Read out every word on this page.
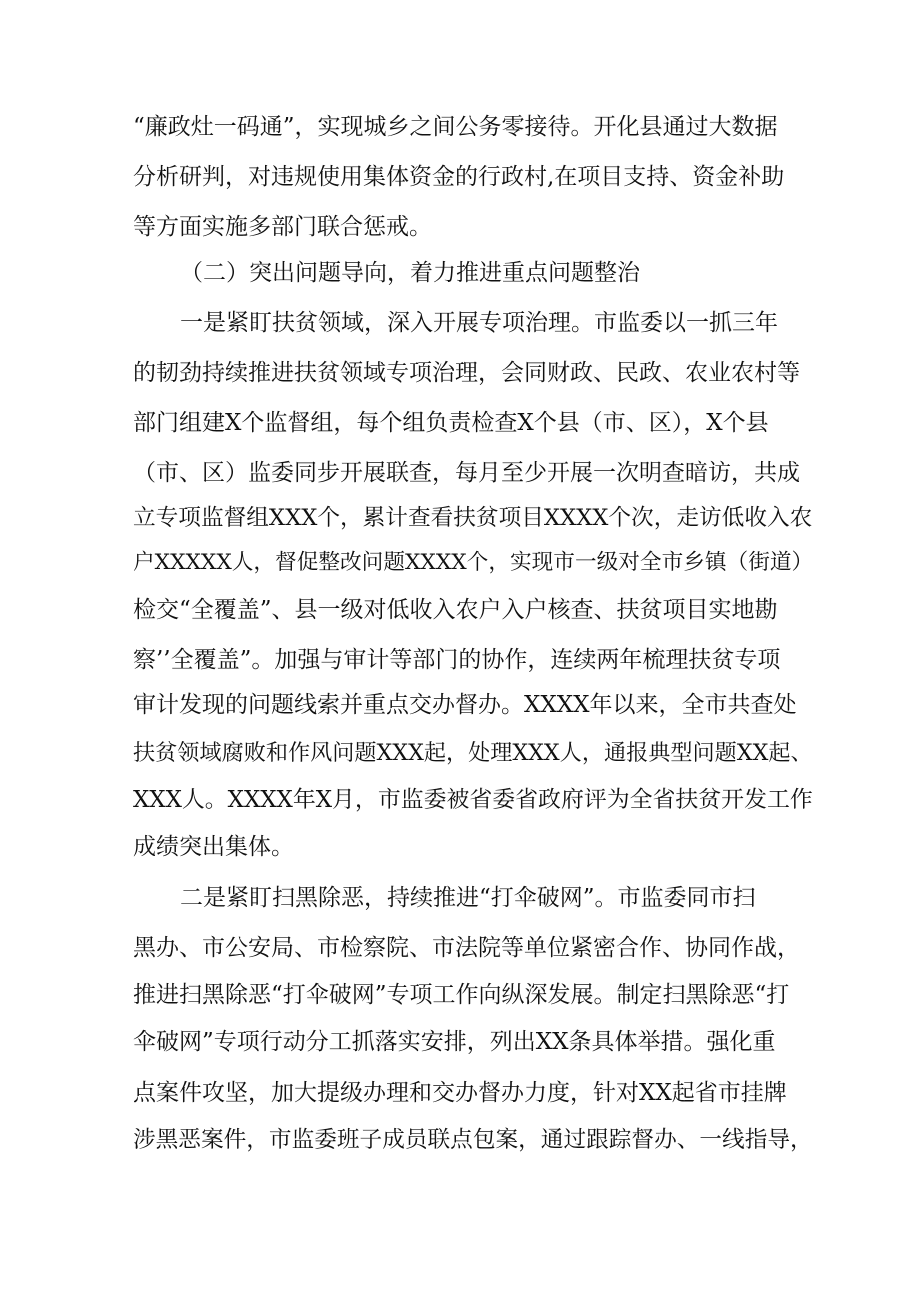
“廉政灶一码通”，实现城乡之间公务零接待。开化县通过大数据
分析研判，对违规使用集体资金的行政村,在项目支持、资金补助
等方面实施多部门联合惩戒。
（二）突出问题导向，着力推进重点问题整治
一是紧盯扶贫领域，深入开展专项治理。市监委以一抓三年
的韧劲持续推进扶贫领域专项治理，会同财政、民政、农业农村等
部门组建X个监督组，每个组负责检查X个县（市、区），X个县
（市、区）监委同步开展联查，每月至少开展一次明查暗访，共成
立专项监督组XXX个，累计查看扶贫项目XXXX个次，走访低收入农
户XXXXX人，督促整改问题XXXX个，实现市一级对全市乡镇（街道）
检交“全覆盖”、县一级对低收入农户入户核查、扶贫项目实地勘
察’’全覆盖”。加强与审计等部门的协作，连续两年梳理扶贫专项
审计发现的问题线索并重点交办督办。XXXX年以来，全市共查处
扶贫领域腐败和作风问题XXX起，处理XXX人，通报典型问题XX起、
XXX人。XXXX年X月，市监委被省委省政府评为全省扶贫开发工作
成绩突出集体。
二是紧盯扫黑除恶，持续推进“打伞破网”。市监委同市扫
黑办、市公安局、市检察院、市法院等单位紧密合作、协同作战，
推进扫黑除恶“打伞破网”专项工作向纵深发展。制定扫黑除恶“打
伞破网”专项行动分工抓落实安排，列出XX条具体举措。强化重
点案件攻坚，加大提级办理和交办督办力度，针对XX起省市挂牌
涉黑恶案件，市监委班子成员联点包案，通过跟踪督办、一线指导，
